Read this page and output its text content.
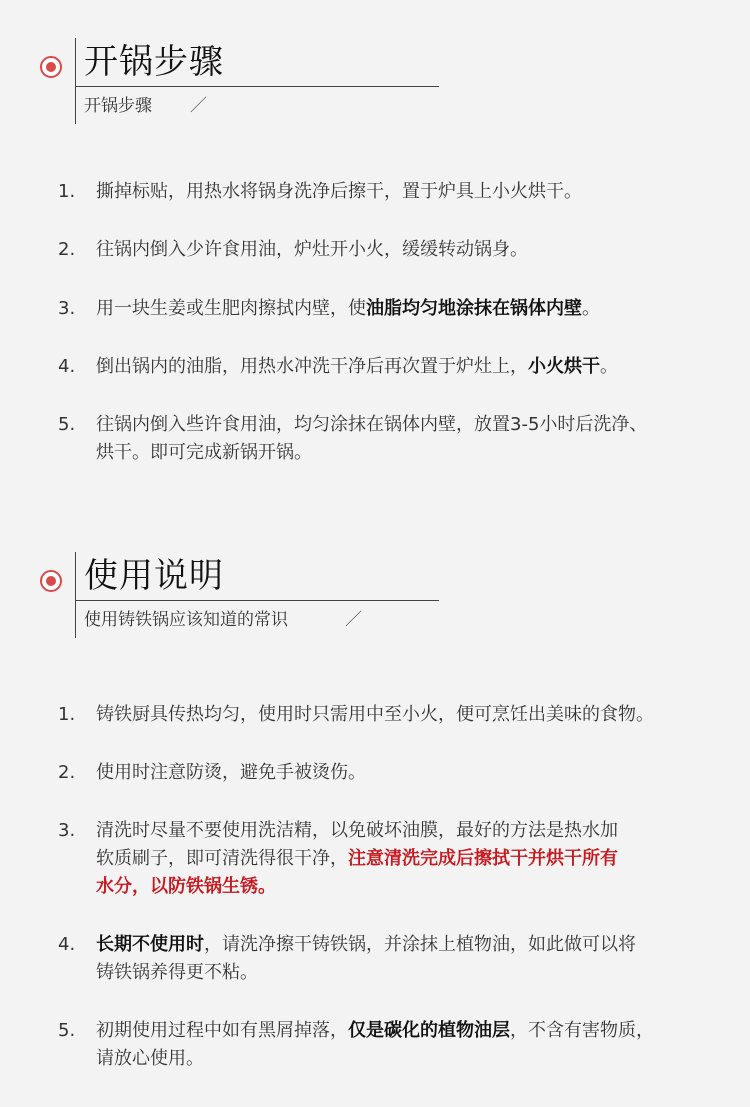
开锅步骤
开锅步骤 ／
1. 撕掉标贴，用热水将锅身洗净后擦干，置于炉具上小火烘干。
2. 往锅内倒入少许食用油，炉灶开小火，缓缓转动锅身。
3. 用一块生姜或生肥肉擦拭内壁，使油脂均匀地涂抹在锅体内壁。
4. 倒出锅内的油脂，用热水冲洗干净后再次置于炉灶上，小火烘干。
5. 往锅内倒入些许食用油，均匀涂抹在锅体内壁，放置3-5小时后洗净、
烘干。即可完成新锅开锅。
使用说明
使用铸铁锅应该知道的常识	／
1. 铸铁厨具传热均匀，使用时只需用中至小火，便可烹饪出美味的食物。
2. 使用时注意防烫，避免手被烫伤。
3. 清洗时尽量不要使用洗洁精，以免破坏油膜，最好的方法是热水加
软质刷子，即可清洗得很干净，注意清洗完成后擦拭干并烘干所有
水分，以防铁锅生锈。
4. 长期不使用时，请洗净擦干铸铁锅，并涂抹上植物油，如此做可以将
铸铁锅养得更不粘。
5. 初期使用过程中如有黑屑掉落，仅是碳化的植物油层，不含有害物质，
请放心使用。
